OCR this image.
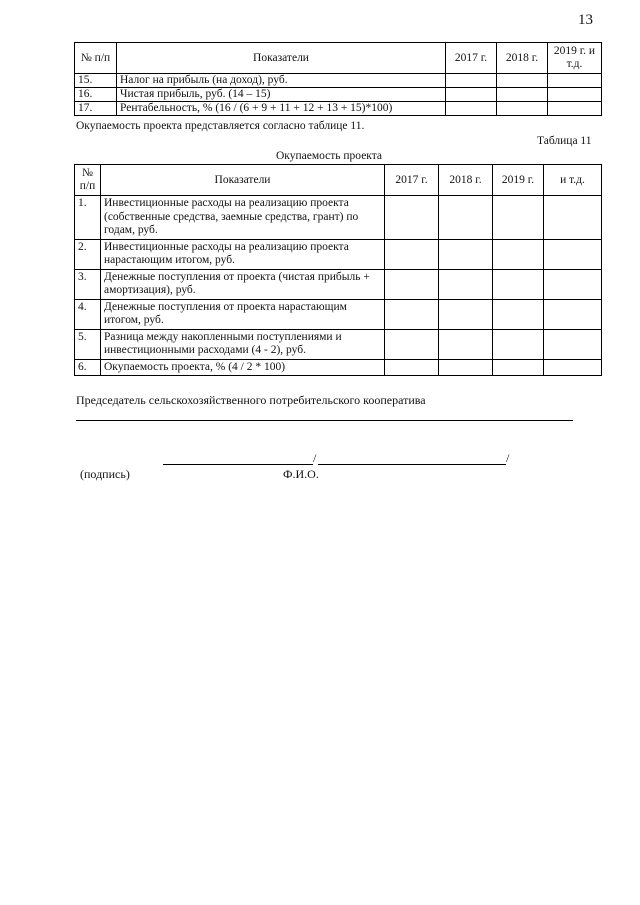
13
№ п/п	Показатели	2017 г.	2018 г.	2019 г. и т.д.
15.	Налог на прибыль (на доход), руб.			
16.	Чистая прибыль, руб. (14 – 15)			
17.	Рентабельность, % (16 / (6 + 9 + 11 + 12 + 13 + 15)*100)			
Окупаемость проекта представляется согласно таблице 11.
Таблица 11
Окупаемость проекта
№ п/п	Показатели	2017 г.	2018 г.	2019 г.	и т.д.
1.	Инвестиционные расходы на реализацию проекта (собственные средства, заемные средства, грант) по годам, руб.				
2.	Инвестиционные расходы на реализацию проекта нарастающим итогом, руб.				
3.	Денежные поступления от проекта (чистая прибыль + амортизация), руб.				
4.	Денежные поступления от проекта нарастающим итогом, руб.				
5.	Разница между накопленными поступлениями и инвестиционными расходами (4 - 2), руб.				
6.	Окупаемость проекта, % (4 / 2 * 100)				
Председатель сельскохозяйственного потребительского кооператива
/	/
(подпись)	Ф.И.О.
